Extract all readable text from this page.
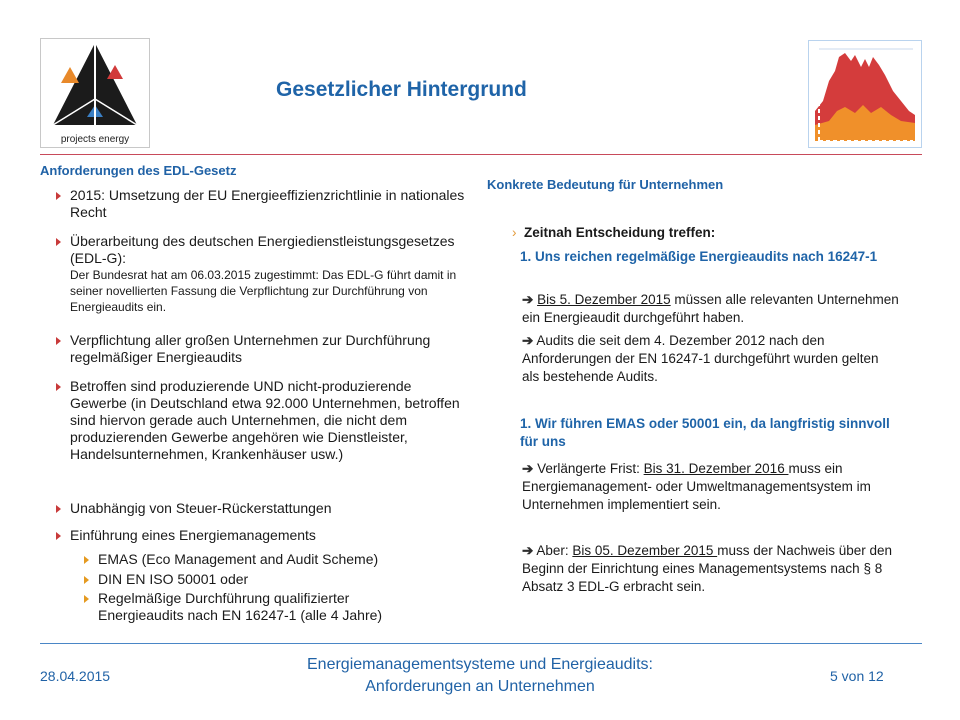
projects energy
Gesetzlicher Hintergrund
Anforderungen des EDL-Gesetz
2015: Umsetzung der EU Energieeffizienzrichtlinie in nationales Recht
Überarbeitung des deutschen Energiedienstleistungsgesetzes (EDL-G):
Der Bundesrat hat am 06.03.2015 zugestimmt: Das EDL-G führt damit in seiner novellierten Fassung die Verpflichtung zur Durchführung von Energieaudits ein.
Verpflichtung aller großen Unternehmen zur Durchführung regelmäßiger Energieaudits
Betroffen sind produzierende UND nicht-produzierende Gewerbe (in Deutschland etwa 92.000 Unternehmen, betroffen sind hiervon gerade auch Unternehmen, die nicht dem produzierenden Gewerbe angehören wie Dienstleister, Handelsunternehmen, Krankenhäuser usw.)
Unabhängig von Steuer-Rückerstattungen
Einführung eines Energiemanagements
EMAS (Eco Management and Audit Scheme)
DIN EN ISO 50001 oder
Regelmäßige Durchführung qualifizierter Energieaudits nach EN 16247-1 (alle 4 Jahre)
Konkrete Bedeutung für Unternehmen
› Zeitnah Entscheidung treffen:
1. Uns reichen regelmäßige Energieaudits nach 16247-1
➔ Bis 5. Dezember 2015 müssen alle relevanten Unternehmen ein Energieaudit durchgeführt haben.
➔ Audits die seit dem 4. Dezember 2012 nach den Anforderungen der EN 16247-1 durchgeführt wurden gelten als bestehende Audits.
1. Wir führen EMAS oder 50001 ein, da langfristig sinnvoll für uns
➔ Verlängerte Frist: Bis 31. Dezember 2016 muss ein Energiemanagement- oder Umweltmanagementsystem im Unternehmen implementiert sein.
➔ Aber: Bis 05. Dezember 2015 muss der Nachweis über den Beginn der Einrichtung eines Managementsystems nach § 8 Absatz 3 EDL-G erbracht sein.
28.04.2015
Energiemanagementsysteme und Energieaudits: Anforderungen an Unternehmen
5 von 12
